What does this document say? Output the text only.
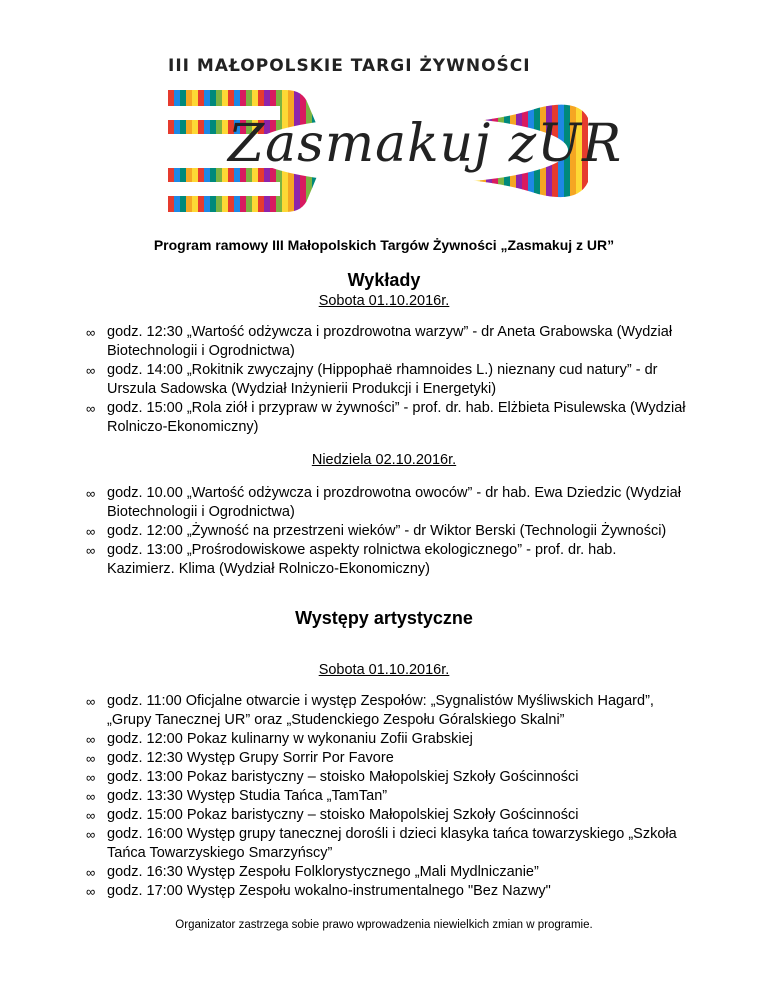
III MAŁOPOLSKIE TARGI ŻYWNOŚCI
Zasmakuj zUR
Program ramowy III Małopolskich Targów Żywności „Zasmakuj z UR”
Wykłady
Sobota 01.10.2016r.
∞ godz. 12:30 „Wartość odżywcza i prozdrowotna warzyw” - dr Aneta Grabowska (Wydział Biotechnologii i Ogrodnictwa)
∞ godz. 14:00 „Rokitnik zwyczajny (Hippophaë rhamnoides L.) nieznany cud natury” - dr Urszula Sadowska (Wydział Inżynierii Produkcji i Energetyki)
∞ godz. 15:00 „Rola ziół i przypraw w żywności” - prof. dr. hab. Elżbieta Pisulewska (Wydział Rolniczo-Ekonomiczny)
Niedziela 02.10.2016r.
∞ godz. 10.00 „Wartość odżywcza i prozdrowotna owoców” - dr hab. Ewa Dziedzic (Wydział Biotechnologii i Ogrodnictwa)
∞ godz. 12:00 „Żywność na przestrzeni wieków” - dr Wiktor Berski (Technologii Żywności)
∞ godz. 13:00 „Prośrodowiskowe aspekty rolnictwa ekologicznego” - prof. dr. hab. Kazimierz. Klima (Wydział Rolniczo-Ekonomiczny)
Występy artystyczne
Sobota 01.10.2016r.
∞ godz. 11:00 Oficjalne otwarcie i występ Zespołów: „Sygnalistów Myśliwskich Hagard”, „Grupy Tanecznej UR” oraz „Studenckiego Zespołu Góralskiego Skalni”
∞ godz. 12:00 Pokaz kulinarny w wykonaniu Zofii Grabskiej
∞ godz. 12:30 Występ Grupy Sorrir Por Favore
∞ godz. 13:00 Pokaz baristyczny – stoisko Małopolskiej Szkoły Gościnności
∞ godz. 13:30 Występ Studia Tańca „TamTan”
∞ godz. 15:00 Pokaz baristyczny – stoisko Małopolskiej Szkoły Gościnności
∞ godz. 16:00 Występ grupy tanecznej dorośli i dzieci klasyka tańca towarzyskiego „Szkoła Tańca Towarzyskiego Smarzyńscy”
∞ godz. 16:30 Występ Zespołu Folklorystycznego „Mali Mydlniczanie”
∞ godz. 17:00 Występ Zespołu wokalno-instrumentalnego "Bez Nazwy"
Organizator zastrzega sobie prawo wprowadzenia niewielkich zmian w programie.
